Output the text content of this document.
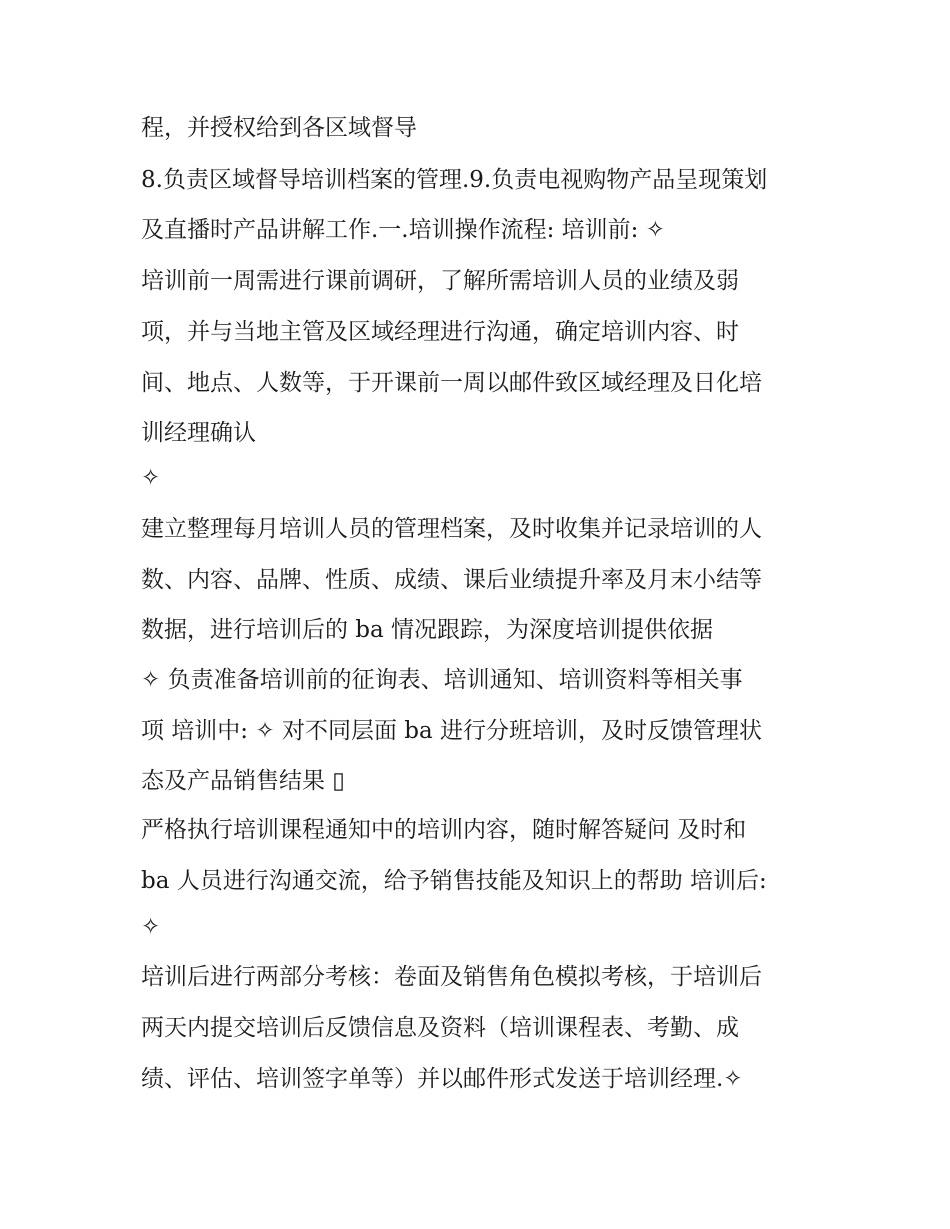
程，并授权给到各区域督导
8.负责区域督导培训档案的管理.9.负责电视购物产品呈现策划
及直播时产品讲解工作.一.培训操作流程: 培训前: ✧
培训前一周需进行课前调研，了解所需培训人员的业绩及弱
项，并与当地主管及区域经理进行沟通，确定培训内容、时
间、地点、人数等，于开课前一周以邮件致区域经理及日化培
训经理确认
✧
建立整理每月培训人员的管理档案，及时收集并记录培训的人
数、内容、品牌、性质、成绩、课后业绩提升率及月末小结等
数据，进行培训后的 ba 情况跟踪，为深度培训提供依据
✧ 负责准备培训前的征询表、培训通知、培训资料等相关事
项 培训中: ✧ 对不同层面 ba 进行分班培训，及时反馈管理状
态及产品销售结果 ▯
严格执行培训课程通知中的培训内容，随时解答疑问 及时和
ba 人员进行沟通交流，给予销售技能及知识上的帮助 培训后:
✧
培训后进行两部分考核：卷面及销售角色模拟考核，于培训后
两天内提交培训后反馈信息及资料（培训课程表、考勤、成
绩、评估、培训签字单等）并以邮件形式发送于培训经理.✧
